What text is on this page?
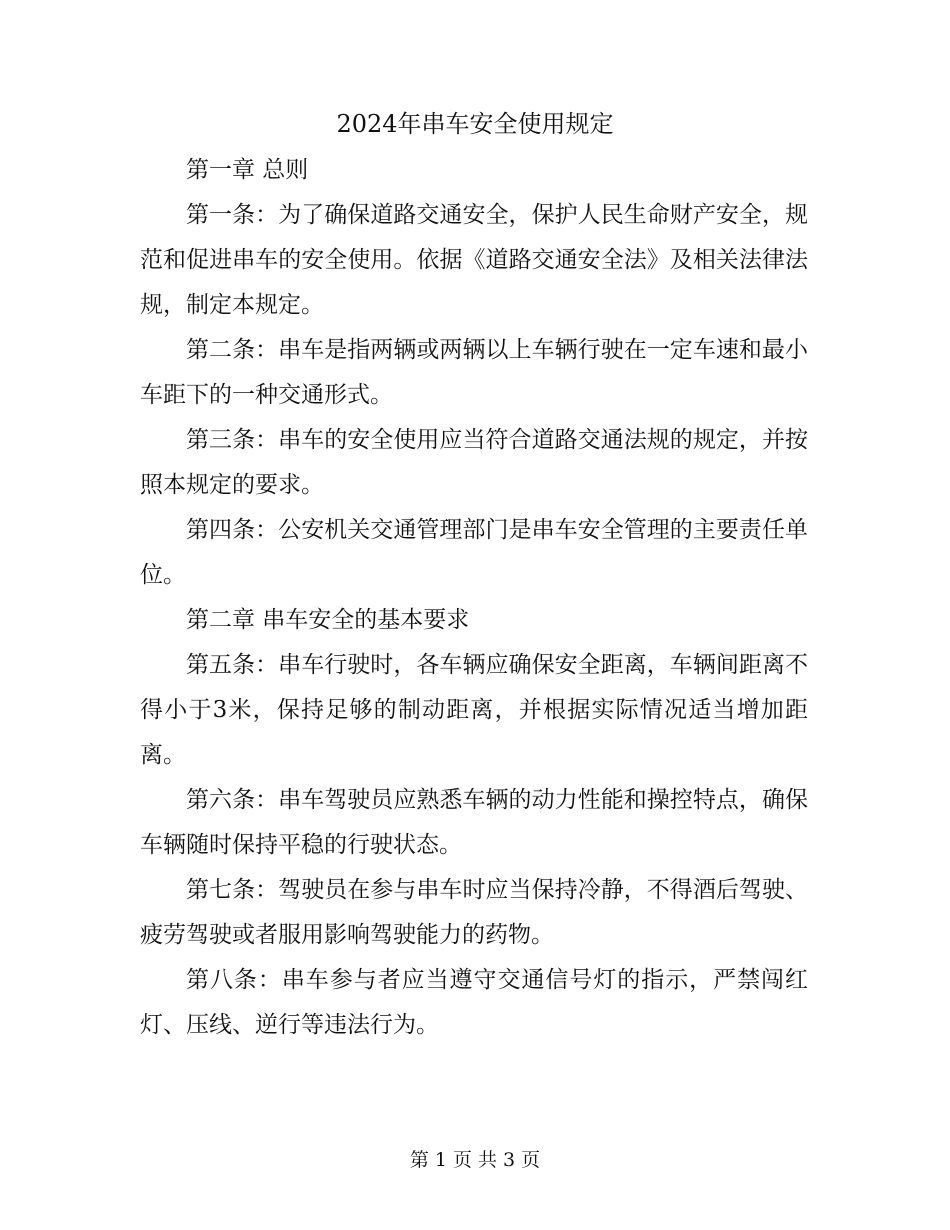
2024年串车安全使用规定

第一章 总则

第一条：为了确保道路交通安全，保护人民生命财产安全，规范和促进串车的安全使用。依据《道路交通安全法》及相关法律法规，制定本规定。

第二条：串车是指两辆或两辆以上车辆行驶在一定车速和最小车距下的一种交通形式。

第三条：串车的安全使用应当符合道路交通法规的规定，并按照本规定的要求。

第四条：公安机关交通管理部门是串车安全管理的主要责任单位。

第二章 串车安全的基本要求

第五条：串车行驶时，各车辆应确保安全距离，车辆间距离不得小于3米，保持足够的制动距离，并根据实际情况适当增加距离。

第六条：串车驾驶员应熟悉车辆的动力性能和操控特点，确保车辆随时保持平稳的行驶状态。

第七条：驾驶员在参与串车时应当保持冷静，不得酒后驾驶、疲劳驾驶或者服用影响驾驶能力的药物。

第八条：串车参与者应当遵守交通信号灯的指示，严禁闯红灯、压线、逆行等违法行为。

第 1 页 共 3 页
